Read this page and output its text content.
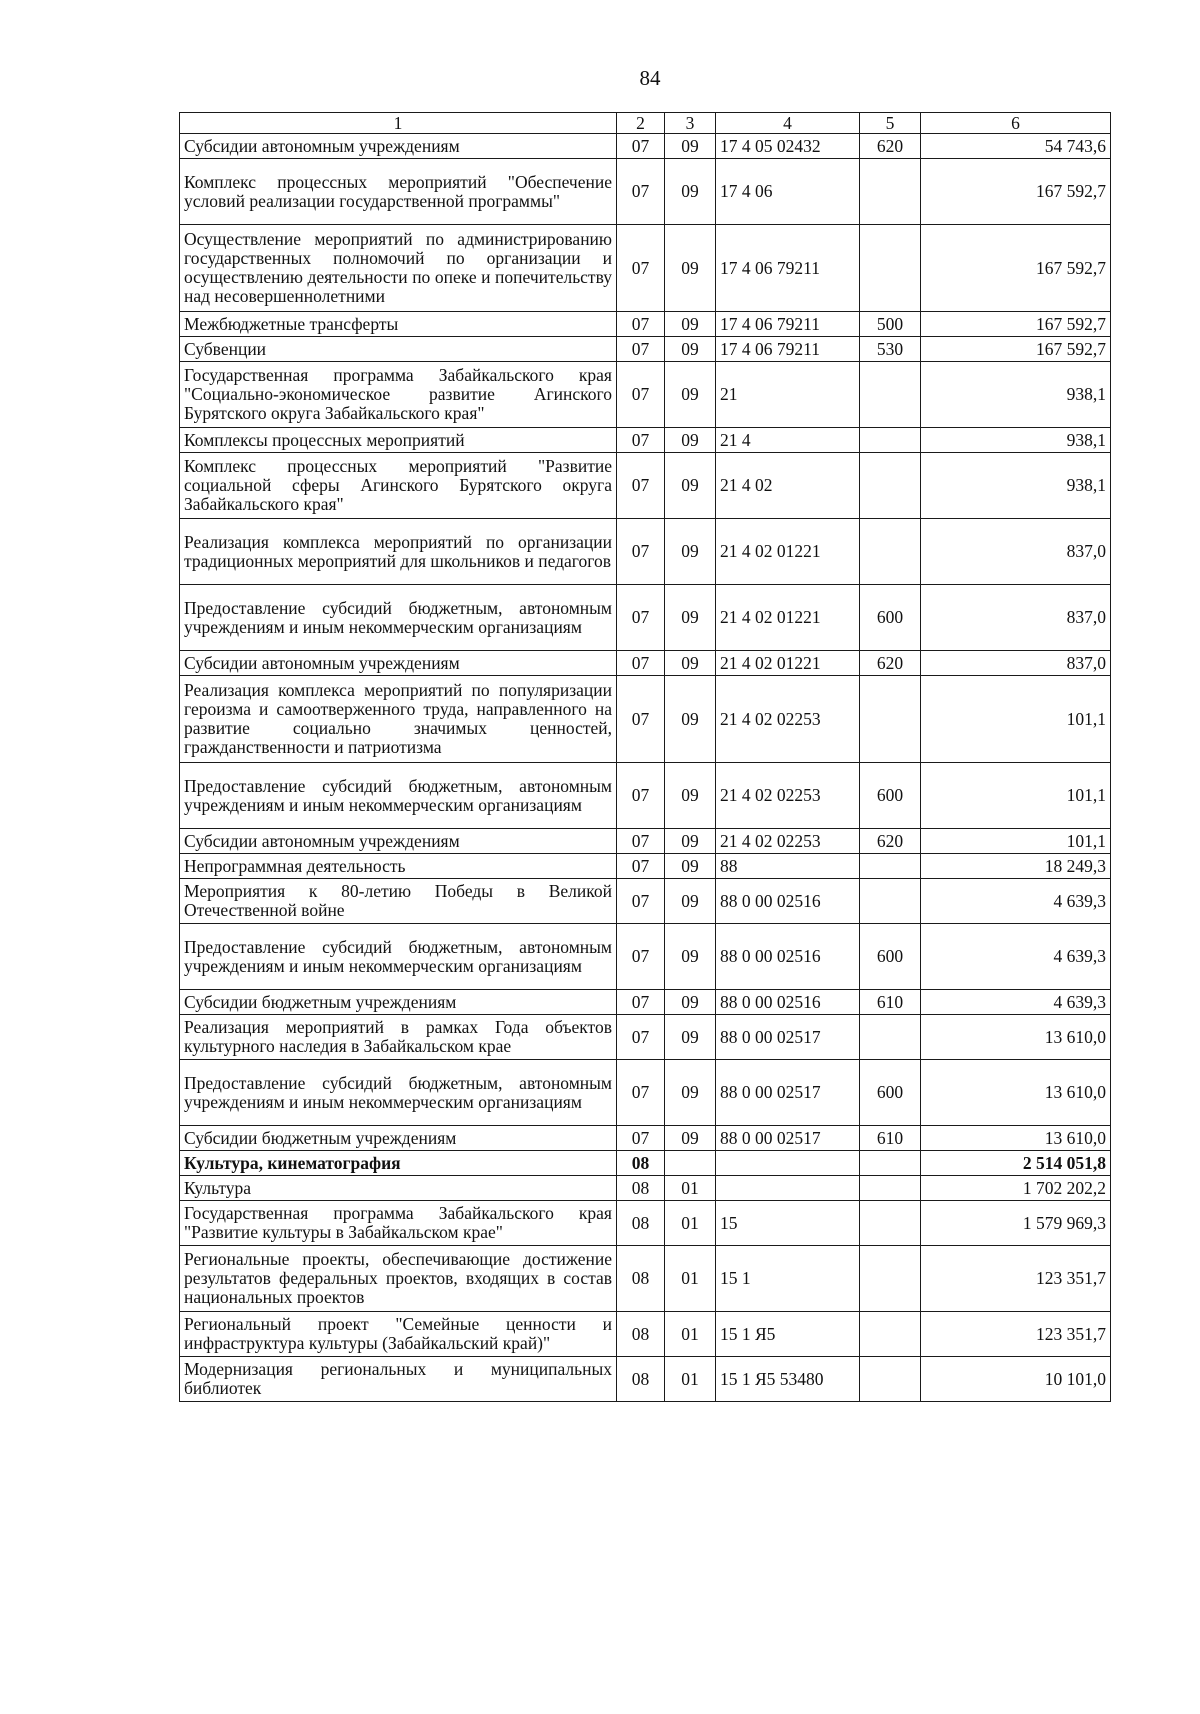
84
1	2	3	4	5	6
Субсидии автономным учреждениям	07	09	17 4 05 02432	620	54 743,6
Комплекс процессных мероприятий "Обеспечение условий реализации государственной программы"	07	09	17 4 06		167 592,7
Осуществление мероприятий по администрированию государственных полномочий по организации и осуществлению деятельности по опеке и попечительству над несовершеннолетними	07	09	17 4 06 79211		167 592,7
Межбюджетные трансферты	07	09	17 4 06 79211	500	167 592,7
Субвенции	07	09	17 4 06 79211	530	167 592,7
Государственная программа Забайкальского края "Социально-экономическое развитие Агинского Бурятского округа Забайкальского края"	07	09	21		938,1
Комплексы процессных мероприятий	07	09	21 4		938,1
Комплекс процессных мероприятий "Развитие социальной сферы Агинского Бурятского округа Забайкальского края"	07	09	21 4 02		938,1
Реализация комплекса мероприятий по организации традиционных мероприятий для школьников и педагогов	07	09	21 4 02 01221		837,0
Предоставление субсидий бюджетным, автономным учреждениям и иным некоммерческим организациям	07	09	21 4 02 01221	600	837,0
Субсидии автономным учреждениям	07	09	21 4 02 01221	620	837,0
Реализация комплекса мероприятий по популяризации героизма и самоотверженного труда, направленного на развитие социально значимых ценностей, гражданственности и патриотизма	07	09	21 4 02 02253		101,1
Предоставление субсидий бюджетным, автономным учреждениям и иным некоммерческим организациям	07	09	21 4 02 02253	600	101,1
Субсидии автономным учреждениям	07	09	21 4 02 02253	620	101,1
Непрограммная деятельность	07	09	88		18 249,3
Мероприятия к 80-летию Победы в Великой Отечественной войне	07	09	88 0 00 02516		4 639,3
Предоставление субсидий бюджетным, автономным учреждениям и иным некоммерческим организациям	07	09	88 0 00 02516	600	4 639,3
Субсидии бюджетным учреждениям	07	09	88 0 00 02516	610	4 639,3
Реализация мероприятий в рамках Года объектов культурного наследия в Забайкальском крае	07	09	88 0 00 02517		13 610,0
Предоставление субсидий бюджетным, автономным учреждениям и иным некоммерческим организациям	07	09	88 0 00 02517	600	13 610,0
Субсидии бюджетным учреждениям	07	09	88 0 00 02517	610	13 610,0
Культура, кинематография	08				2 514 051,8
Культура	08	01			1 702 202,2
Государственная программа Забайкальского края "Развитие культуры в Забайкальском крае"	08	01	15		1 579 969,3
Региональные проекты, обеспечивающие достижение результатов федеральных проектов, входящих в состав национальных проектов	08	01	15 1		123 351,7
Региональный проект "Семейные ценности и инфраструктура культуры (Забайкальский край)"	08	01	15 1 Я5		123 351,7
Модернизация региональных и муниципальных библиотек	08	01	15 1 Я5 53480		10 101,0
